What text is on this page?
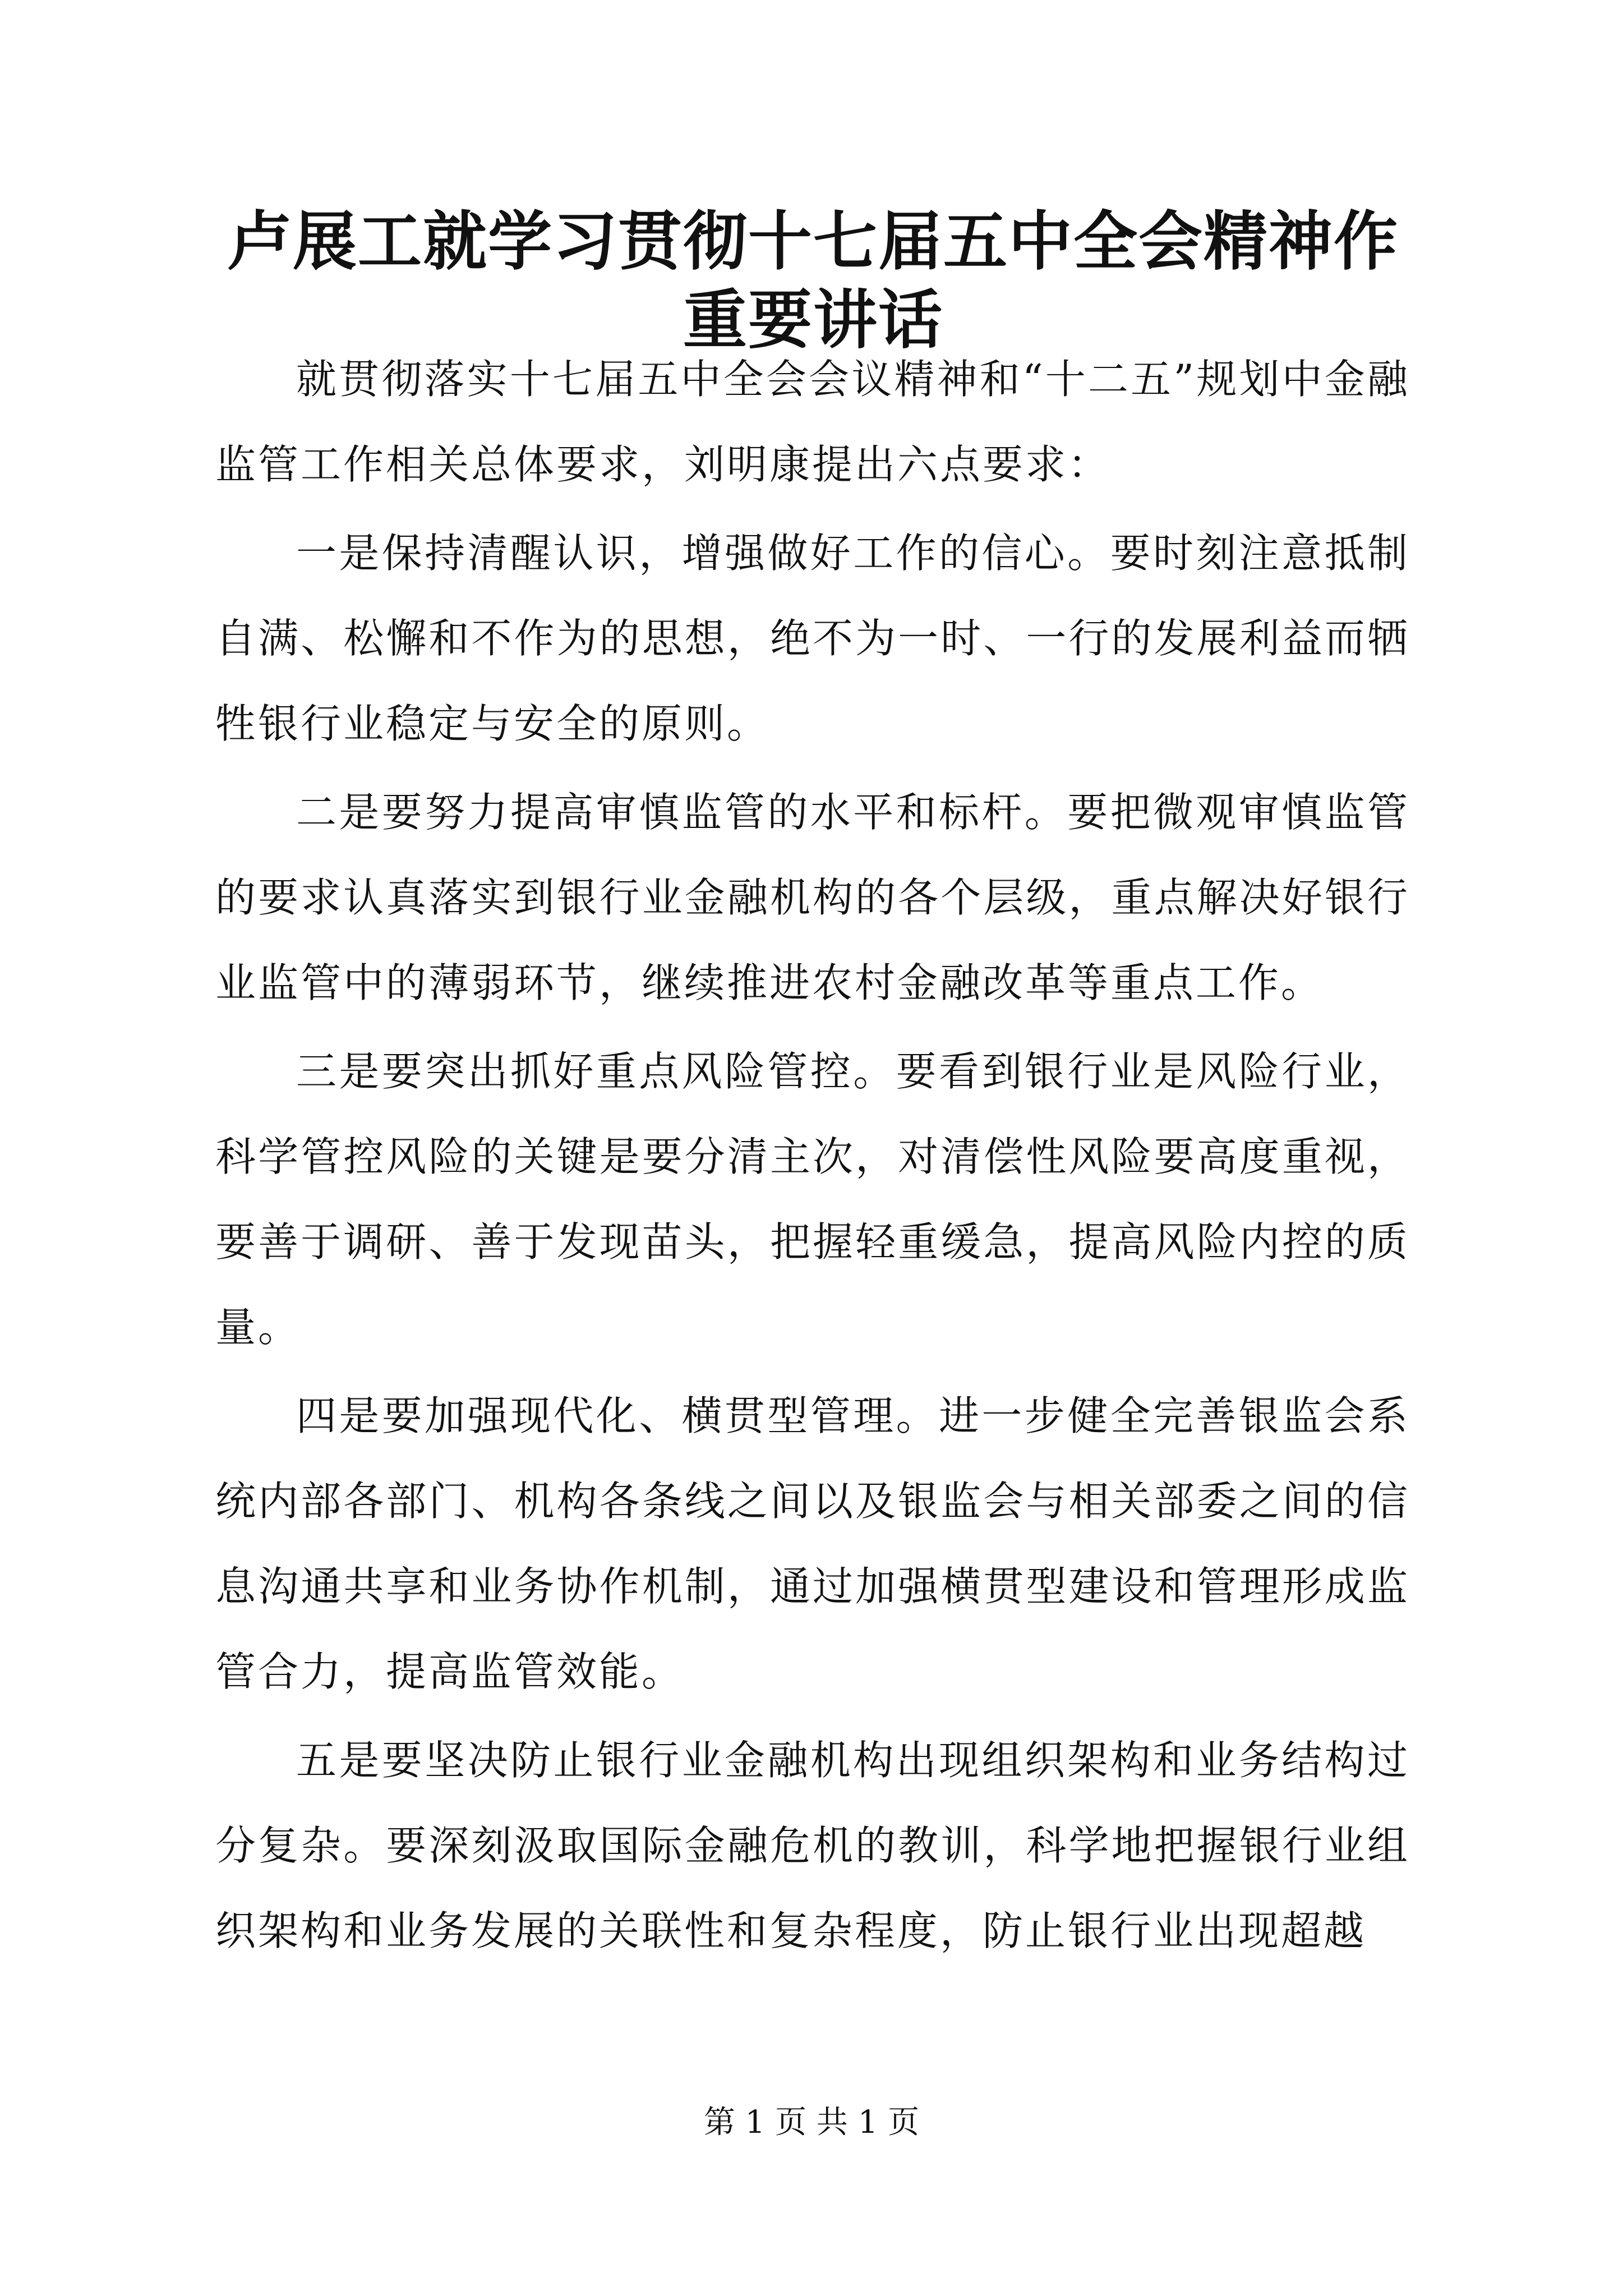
卢展工就学习贯彻十七届五中全会精神作重要讲话

就贯彻落实十七届五中全会会议精神和“十二五”规划中金融监管工作相关总体要求，刘明康提出六点要求：

一是保持清醒认识，增强做好工作的信心。要时刻注意抵制自满、松懈和不作为的思想，绝不为一时、一行的发展利益而牺牲银行业稳定与安全的原则。

二是要努力提高审慎监管的水平和标杆。要把微观审慎监管的要求认真落实到银行业金融机构的各个层级，重点解决好银行业监管中的薄弱环节，继续推进农村金融改革等重点工作。

三是要突出抓好重点风险管控。要看到银行业是风险行业，科学管控风险的关键是要分清主次，对清偿性风险要高度重视，要善于调研、善于发现苗头，把握轻重缓急，提高风险内控的质量。

四是要加强现代化、横贯型管理。进一步健全完善银监会系统内部各部门、机构各条线之间以及银监会与相关部委之间的信息沟通共享和业务协作机制，通过加强横贯型建设和管理形成监管合力，提高监管效能。

五是要坚决防止银行业金融机构出现组织架构和业务结构过分复杂。要深刻汲取国际金融危机的教训，科学地把握银行业组织架构和业务发展的关联性和复杂程度，防止银行业出现超越

第 1 页 共 1 页
